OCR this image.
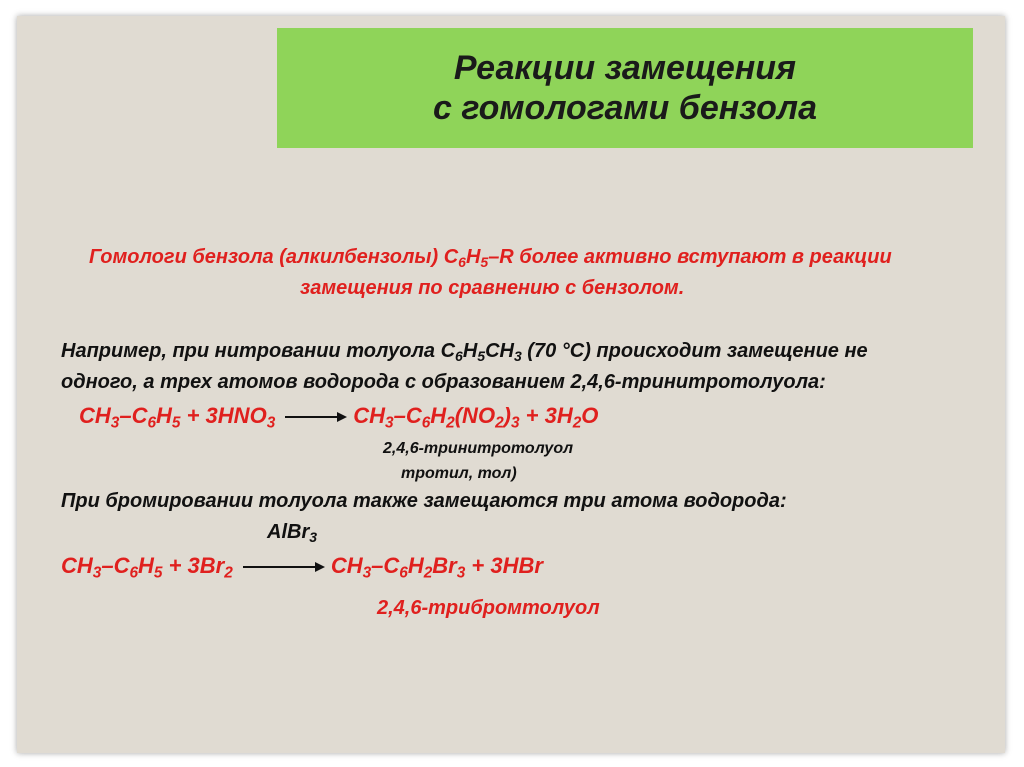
Реакции замещения
с гомологами бензола
Гомологи бензола (алкилбензолы) $C_6H_5-R$ более активно вступают в реакции
замещения по сравнению с бензолом.
Например, при нитровании толуола $C_6H_5CH_3$ (70 °C) происходит замещение не
одного, а трех атомов водорода с образованием 2,4,6-тринитротолуола:
$CH_3-C_6H_5 + 3HNO_3 \to CH_3-C_6H_2(NO_2)_3 + 3H_2O$
2,4,6-тринитротолуол
тротил, тол)
При бромировании толуола также замещаются три атома водорода:
AlBr$_3$
$CH_3-C_6H_5 + 3Br_2 \to CH_3-C_6H_2Br_3 + 3HBr$
2,4,6-трибромтолуол
